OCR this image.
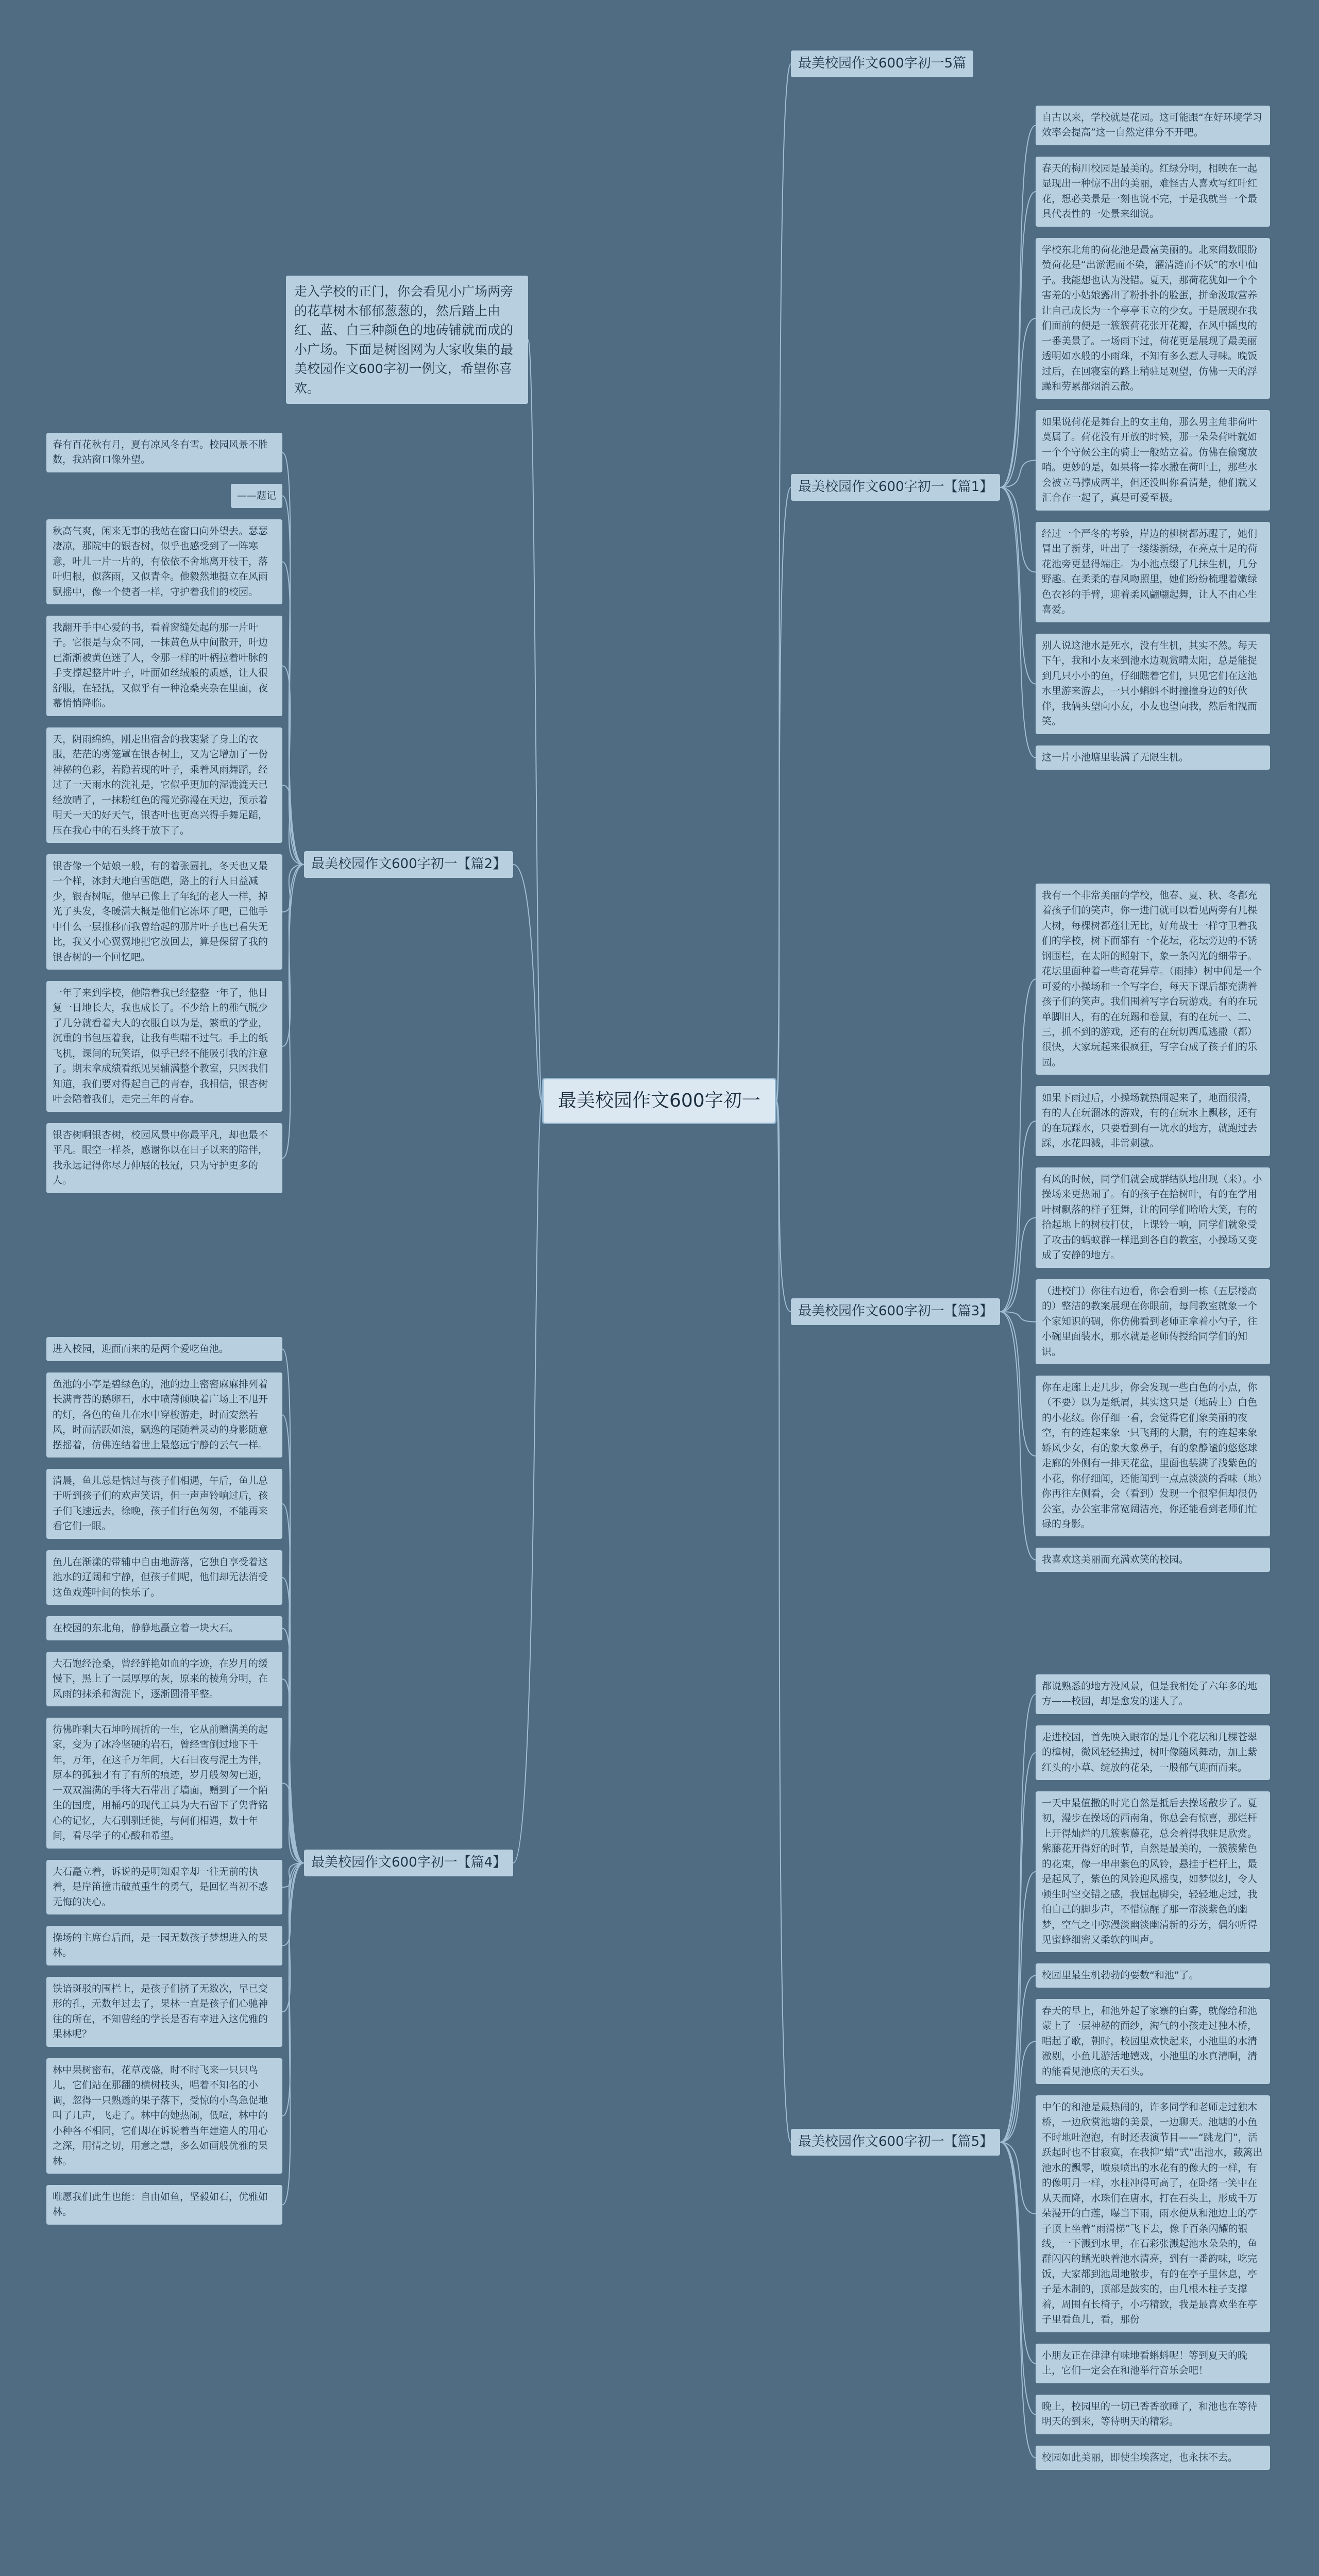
最美校园作文600字初一
走入学校的正门，你会看见小广场两旁的花草树木郁郁葱葱的，然后踏上由红、蓝、白三种颜色的地砖铺就而成的小广场。下面是树图网为大家收集的最美校园作文600字初一例文，希望你喜欢。
最美校园作文600字初一5篇
最美校园作文600字初一【篇1】
自古以来，学校就是花园。这可能跟“在好环境学习效率会提高”这一自然定律分不开吧。
春天的梅川校园是最美的。红绿分明，相映在一起显现出一种惊不出的美丽，难怪古人喜欢写红叶红花，想必美景是一刻也说不完，于是我就当一个最具代表性的一处景来细说。
学校东北角的荷花池是最富美丽的。北來闹数眼盼赞荷花是“出淤泥而不染，濯清涟而不妖”的水中仙子。我能想也认为没错。夏天，那荷花犹如一个个害羞的小姑娘露出了粉扑扑的脸蛋，拼命汲取营养让自己成长为一个亭亭玉立的少女。于是展现在我们面前的便是一簇簇荷花张开花瓣，在风中摇曳的一番美景了。一场雨下过，荷花更是展现了最美丽透明如水般的小雨珠，不知有多么惹人寻味。晚饭过后，在回寝室的路上稍驻足观望，仿佛一天的浮躁和劳累都烟消云散。
如果说荷花是舞台上的女主角，那么男主角非荷叶莫属了。荷花没有开放的时候，那一朵朵荷叶就如一个个守候公主的骑士一般站立着。仿佛在偷窥放哨。更妙的是，如果将一捧水撒在荷叶上，那些水会被立马撑成两半，但还没叫你看清楚，他们就又汇合在一起了，真是可爱至极。
经过一个严冬的考验，岸边的柳树都苏醒了，她们冒出了新芽，吐出了一缕缕新绿，在亮点十足的荷花池旁更显得端庄。为小池点缀了几抹生机，几分野趣。在柔柔的春风吻照里，她们纷纷梳理着嫩绿色衣衫的手臂，迎着柔风翩翩起舞，让人不由心生喜爱。
别人说这池水是死水，没有生机，其实不然。每天下午，我和小友来到池水边观赏晴太阳，总是能捉到几只小小的鱼，仔细瞧着它们，只见它们在这池水里游来游去，一只小蝌蚪不时撞撞身边的好伙伴，我俩头望向小友，小友也望向我，然后相视而笑。
这一片小池塘里装满了无限生机。
最美校园作文600字初一【篇2】
春有百花秋有月，夏有凉风冬有雪。校园风景不胜数，我站窗口像外望。
——题记
秋高气爽，闲来无事的我站在窗口向外望去。瑟瑟凄凉，那院中的银杏树，似乎也感受到了一阵寒意，叶儿一片一片的，有依依不舍地离开枝干，落叶归根，似落雨，又似青伞。他毅然地挺立在风雨飘摇中，像一个使者一样，守护着我们的校园。
我翻开手中心爱的书，看着窗缝处起的那一片叶子。它很是与众不同，一抹黄色从中间散开，叶边已渐渐被黄色迷了人，令那一样的叶柄拉着叶脉的手支撑起整片叶子，叶面如丝绒般的质感，让人很舒服，在轻抚，又似乎有一种沧桑夹杂在里面，夜幕悄悄降临。
天，阴雨绵绵，刚走出宿舍的我裹紧了身上的衣服，茫茫的雾笼罩在银杏树上，又为它增加了一份神秘的色彩，若隐若现的叶子，乘着风雨舞蹈，经过了一天雨水的洗礼是，它似乎更加的湿漉漉天已经放晴了，一抹粉红色的霞光弥漫在天边，预示着明天一天的好天气，银杏叶也更高兴得手舞足蹈，压在我心中的石头终于放下了。
银杏像一个姑娘一般，有的着张圆扎，冬天也又最一个样，冰封大地白雪皑皑，路上的行人日益减少，银杏树呢，他早已像上了年纪的老人一样，掉光了头发，冬暖潇大概是他们它冻坏了吧，已他手中什么一层推移而我曾给起的那片叶子也已看失无比，我又小心翼翼地把它放回去，算是保留了我的银杏树的一个回忆吧。
一年了来到学校，他陪着我已经整整一年了，他日复一日地长大，我也成长了。不少给上的稚气脱少了几分就看着大人的衣服自以为是，繁重的学业，沉重的书包压着我，让我有些喘不过气。手上的纸飞机，课间的玩笑语，似乎已经不能吸引我的注意了。期末拿成绩看纸见吴辅满整个教室，只因我们知道，我们要对得起自己的青春，我相信，银杏树叶会陪着我们，走完三年的青春。
银杏树啊银杏树，校园风景中你最平凡，却也最不平凡。眼空一样茶，感谢你以在日子以来的陪伴，我永远记得你尽力伸展的枝冠，只为守护更多的人。
最美校园作文600字初一【篇3】
我有一个非常美丽的学校，他春、夏、秋、冬都充着孩子们的笑声，你一进门就可以看见两旁有几棵大树，每棵树都蓬壮无比，好角战士一样守卫着我们的学校，树下面都有一个花坛，花坛旁边的不锈钢围栏，在太阳的照射下，象一条闪光的细带子。花坛里面种着一些奇花异草。（雨排）树中间是一个可爱的小操场和一个写字台，每天下课后都充满着孩子们的笑声。我们围着写字台玩游戏。有的在玩单脚旧人，有的在玩踢和卷鼠，有的在玩一、二、三，抓不到的游戏，还有的在玩切西瓜逃撒（都）很快，大家玩起来很疯狂，写字台成了孩子们的乐园。
如果下雨过后，小操场就热闹起来了，地面很滑，有的人在玩溜冰的游戏，有的在玩水上飘移，还有的在玩踩水，只要看到有一坑水的地方，就跑过去踩，水花四溅，非常刺激。
有风的时候，同学们就会成群结队地出现（来）。小操场来更热闹了。有的孩子在拾树叶，有的在学用叶树飘落的样子狂舞，让的同学们哈哈大笑，有的拾起地上的树枝打仗，上课铃一响，同学们就象受了攻击的蚂蚁群一样迅到各自的教室，小操场又变成了安静的地方。
（进校门）你往右边看，你会看到一栋（五层楼高的）整洁的教案展现在你眼前，每间教室就象一个个家知识的碉，你仿佛看到老师正拿着小勺子，往小碗里面装水，那水就是老师传授给同学们的知识。
你在走廊上走几步，你会发现一些白色的小点，你（不要）以为是纸屑，其实这只是（地砖上）白色的小花纹。你仔细一看，会觉得它们象美丽的夜空，有的连起来象一只飞翔的大鹏，有的连起来象娇风少女，有的象大象鼻子，有的象静谧的悠悠球走廊的外侧有一排天花盆，里面也装满了浅紫色的小花，你仔细闻，还能闻到一点点淡淡的香味（地）你再往左侧看，会（看到）发现一个很窄但却很仍公室，办公室非常宽阔洁亮，你还能看到老师们忙碌的身影。
我喜欢这美丽而充满欢笑的校园。
最美校园作文600字初一【篇4】
进入校园，迎面而来的是两个爱吃鱼池。
鱼池的小亭是碧绿色的，池的边上密密麻麻排列着长满青苔的鹅卵石，水中喷薄倾映着广场上不甩开的灯，各色的鱼儿在水中穿梭游走，时而安然若风，时而活跃如浪，飘逸的尾随着灵动的身影随意摆摇着，仿佛连结着世上最悠远宁静的云气一样。
清晨，鱼儿总是惦过与孩子们相遇，午后，鱼儿总于听到孩子们的欢声笑语，但一声声铃响过后，孩子们飞速远去，徐晚，孩子们行色匆匆，不能再来看它们一眼。
鱼儿在渐漾的带辅中自由地游落，它独自享受着这池水的辽阔和宁静，但孩子们呢，他们却无法消受这鱼戏莲叶间的快乐了。
在校园的东北角，静静地矗立着一块大石。
大石饱经沧桑，曾经鲜艳如血的字迹，在岁月的缓慢下，黑上了一层厚厚的灰，原来的棱角分明，在风雨的抹杀和淘洗下，逐渐圆滑平整。
彷佛昨剩大石坤吟周折的一生，它从前赠满美的起家，变为了冰冷坚硬的岩石，曾经雪倒过地下千年，万年，在这千万年间，大石日夜与泥土为伴，原本的孤独才有了有所的痕迹，岁月般匆匆已逝，一双双溜满的手将大石带出了墙面，赠到了一个陌生的国度，用桶巧的现代工具为大石留下了隽背铭心的记忆，大石驯驯迁徙，与何们相遇，数十年间，看尽学子的心酸和希望。
大石矗立着，诉说的是明知艰辛却一往无前的执着，是岸笛撞击破茧重生的勇气，是回忆当初不惑无悔的决心。
操场的主席台后面，是一园无数孩子梦想进入的果林。
铁谙斑驳的围栏上，是孩子们挤了无数次，早已变形的孔，无数年过去了，果林一直是孩子们心驰神往的所在，不知曾经的学长是否有幸进入这优雅的果林呢？
林中果树密布，花草茂盛，时不时飞来一只只鸟儿，它们站在那翻的横树枝头，唱着不知名的小调，忽得一只熟透的果子落下，受惊的小鸟急促地叫了几声，飞走了。林中的她热闹，低喧，林中的小种各不相同，它们却在诉说着当年建造人的用心之深，用情之切，用意之慧，多么如画般优雅的果林。
唯愿我们此生也能：自由如鱼，坚毅如石，优雅如林。
最美校园作文600字初一【篇5】
都说熟悉的地方没风景，但是我相处了六年多的地方——校园，却是愈发的迷人了。
走进校园，首先映入眼帘的是几个花坛和几棵苍翠的樟树，微风轻轻拂过，树叶像随风舞动，加上紫红头的小草、绽放的花朵，一股郁气迎面而来。
一天中最值撒的时光自然是抵后去操场散步了。夏初，漫步在操场的西南角，你总会有惊喜，那烂杆上开得灿烂的几簇紫藤花，总会着得我驻足欣赏。紫藤花开得好的时节，自然是最美的，一簇簇紫色的花束，像一串串紫色的风铃，悬挂于栏杆上，最是起风了，紫色的风铃迎风摇曳，如梦似幻，令人顿生时空交错之感，我屈起脚尖，轻轻地走过，我怕自己的脚步声，不惜惊醒了那一帘淡紫色的幽梦，空气之中弥漫淡幽淡幽清新的芬芳，偶尔听得见蜜蜂细密又柔软的叫声。
校园里最生机勃勃的要数“和池”了。
春天的早上，和池外起了家寨的白雾，就像给和池蒙上了一层神秘的面纱，淘气的小孩走过独木桥，唱起了歌，朝时，校园里欢快起来，小池里的水清澈剔，小鱼儿游活地嬉戏，小池里的水真清啊，清的能看见池底的天石头。
中午的和池是最热闹的，许多同学和老师走过独木桥，一边欣赏池塘的美景，一边聊天。池塘的小鱼不时地吐泡泡，有时还表演节目——“跳龙门”，活跃起时也不甘寂寞，在我抑“蜡”式”出池水，藏篱出池水的飘零，喷泉喷出的水花有的像大的一样，有的像明月一样，水柱冲得可高了，在卧绪一笑中在从天而降，水珠们在唐水，打在石头上，形成千万朵漫开的白莲，曝当下雨，雨水便从和池边上的亭子顶上坐着“雨滑梯”飞下去，像千百条闪耀的银线，一下溅到水里，在石彩张溅起池水朵朵的，鱼群闪闪的鳍光映着池水清亮，到有一番韵味，吃完饭，大家都到池周地散步，有的在亭子里休息，亭子是木制的，顶部是鼓实的，由几根木柱子支撑着，周围有长椅子，小巧精致，我是最喜欢坐在亭子里看鱼儿，看，那份
小朋友正在津津有味地看蝌蚪呢！等到夏天的晚上，它们一定会在和池举行音乐会吧！
晚上，校园里的一切已香香欲睡了，和池也在等待明天的到来，等待明天的精彩。
校园如此美丽，即使尘埃落定，也永抹不去。
